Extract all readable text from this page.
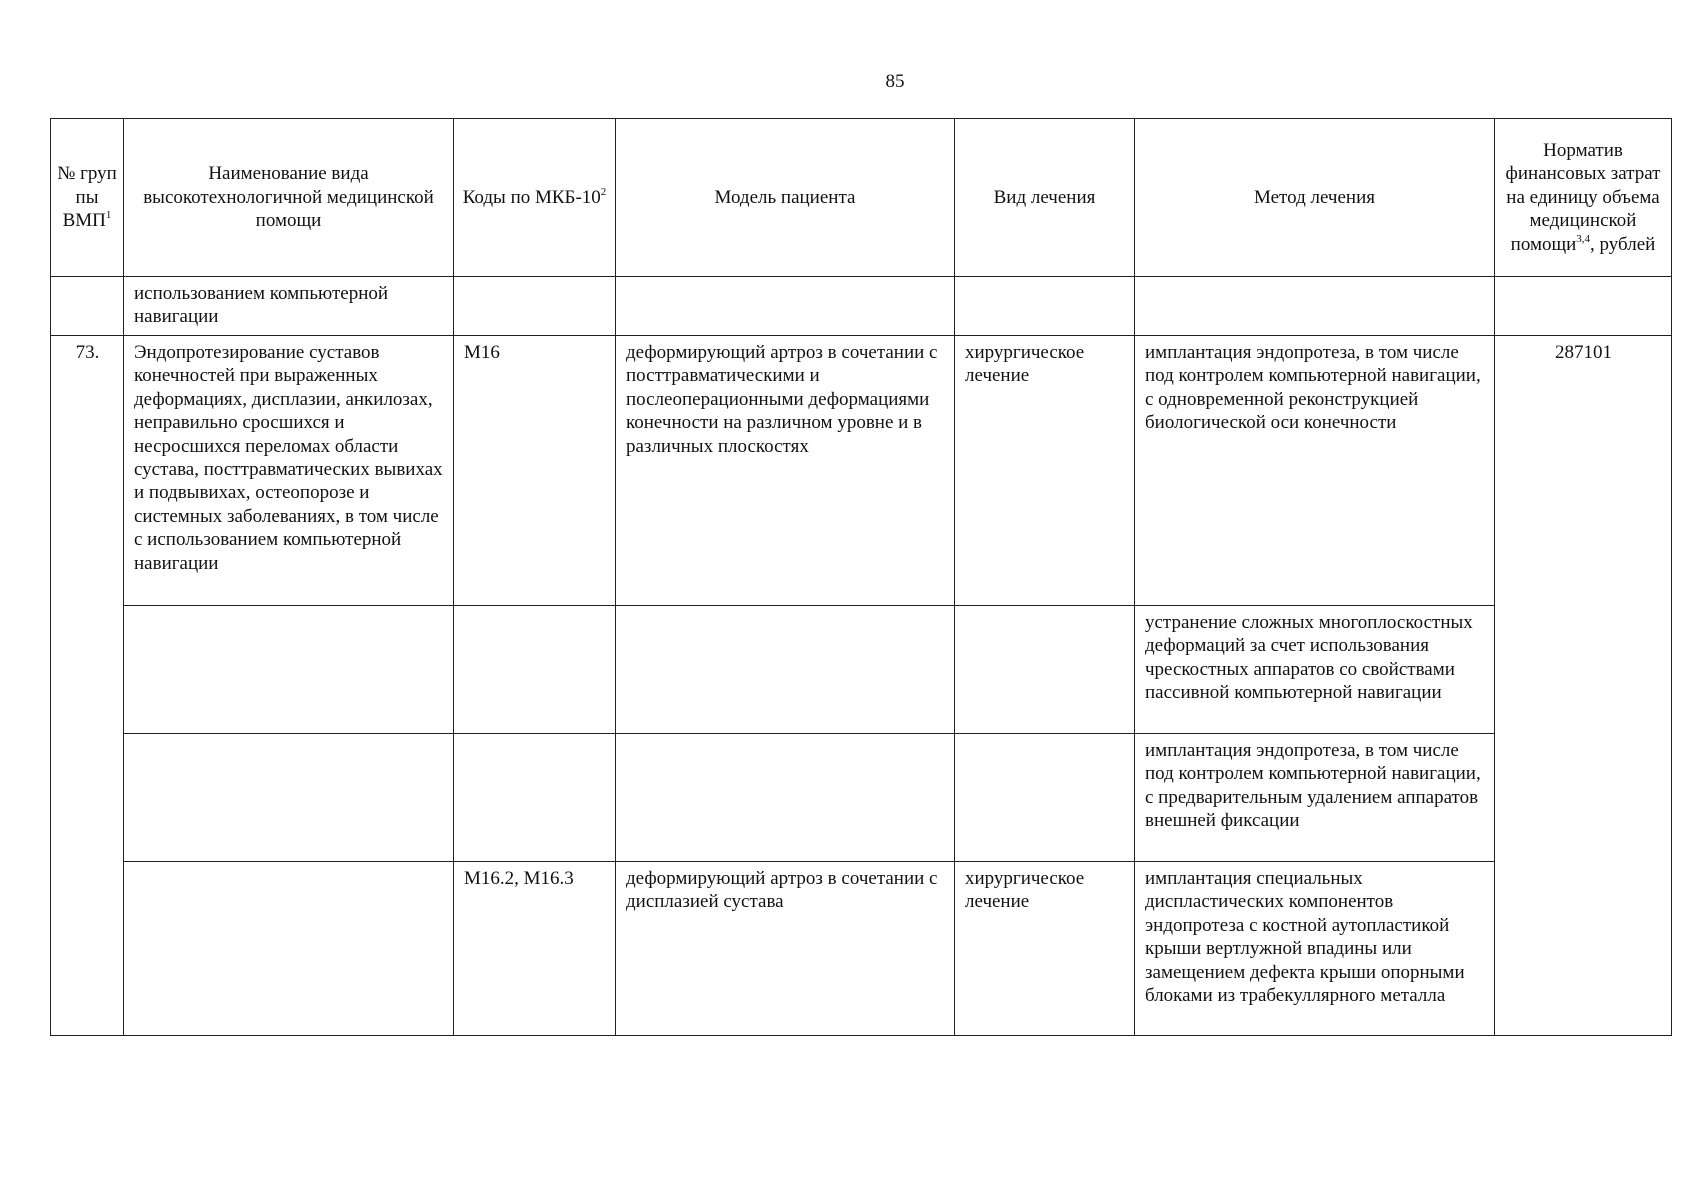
85
№ груп пы ВМП$^1$	Наименование вида высокотехнологичной медицинской помощи	Коды по МКБ-$10^2$	Модель пациента	Вид лечения	Метод лечения	Норматив финансовых затрат на единицу объема медицинской помощи$^{3,4}$, рублей
	использованием компьютерной навигации					
73.	Эндопротезирование суставов конечностей при выраженных деформациях, дисплазии, анкилозах, неправильно сросшихся и несросшихся переломах области сустава, посттравматических вывихах и подвывихах, остеопорозе и системных заболеваниях, в том числе с использованием компьютерной навигации	M16	деформирующий артроз в сочетании с посттравматическими и послеоперационными деформациями конечности на различном уровне и в различных плоскостях	хирургическое лечение	имплантация эндопротеза, в том числе под контролем компьютерной навигации, с одновременной реконструкцией биологической оси конечности	287101
					устранение сложных многоплоскостных деформаций за счет использования чрескостных аппаратов со свойствами пассивной компьютерной навигации	
					имплантация эндопротеза, в том числе под контролем компьютерной навигации, с предварительным удалением аппаратов внешней фиксации	
		M16.2, M16.3	деформирующий артроз в сочетании с дисплазией сустава	хирургическое лечение	имплантация специальных диспластических компонентов эндопротеза с костной аутопластикой крыши вертлужной впадины или замещением дефекта крыши опорными блоками из трабекуллярного металла	
